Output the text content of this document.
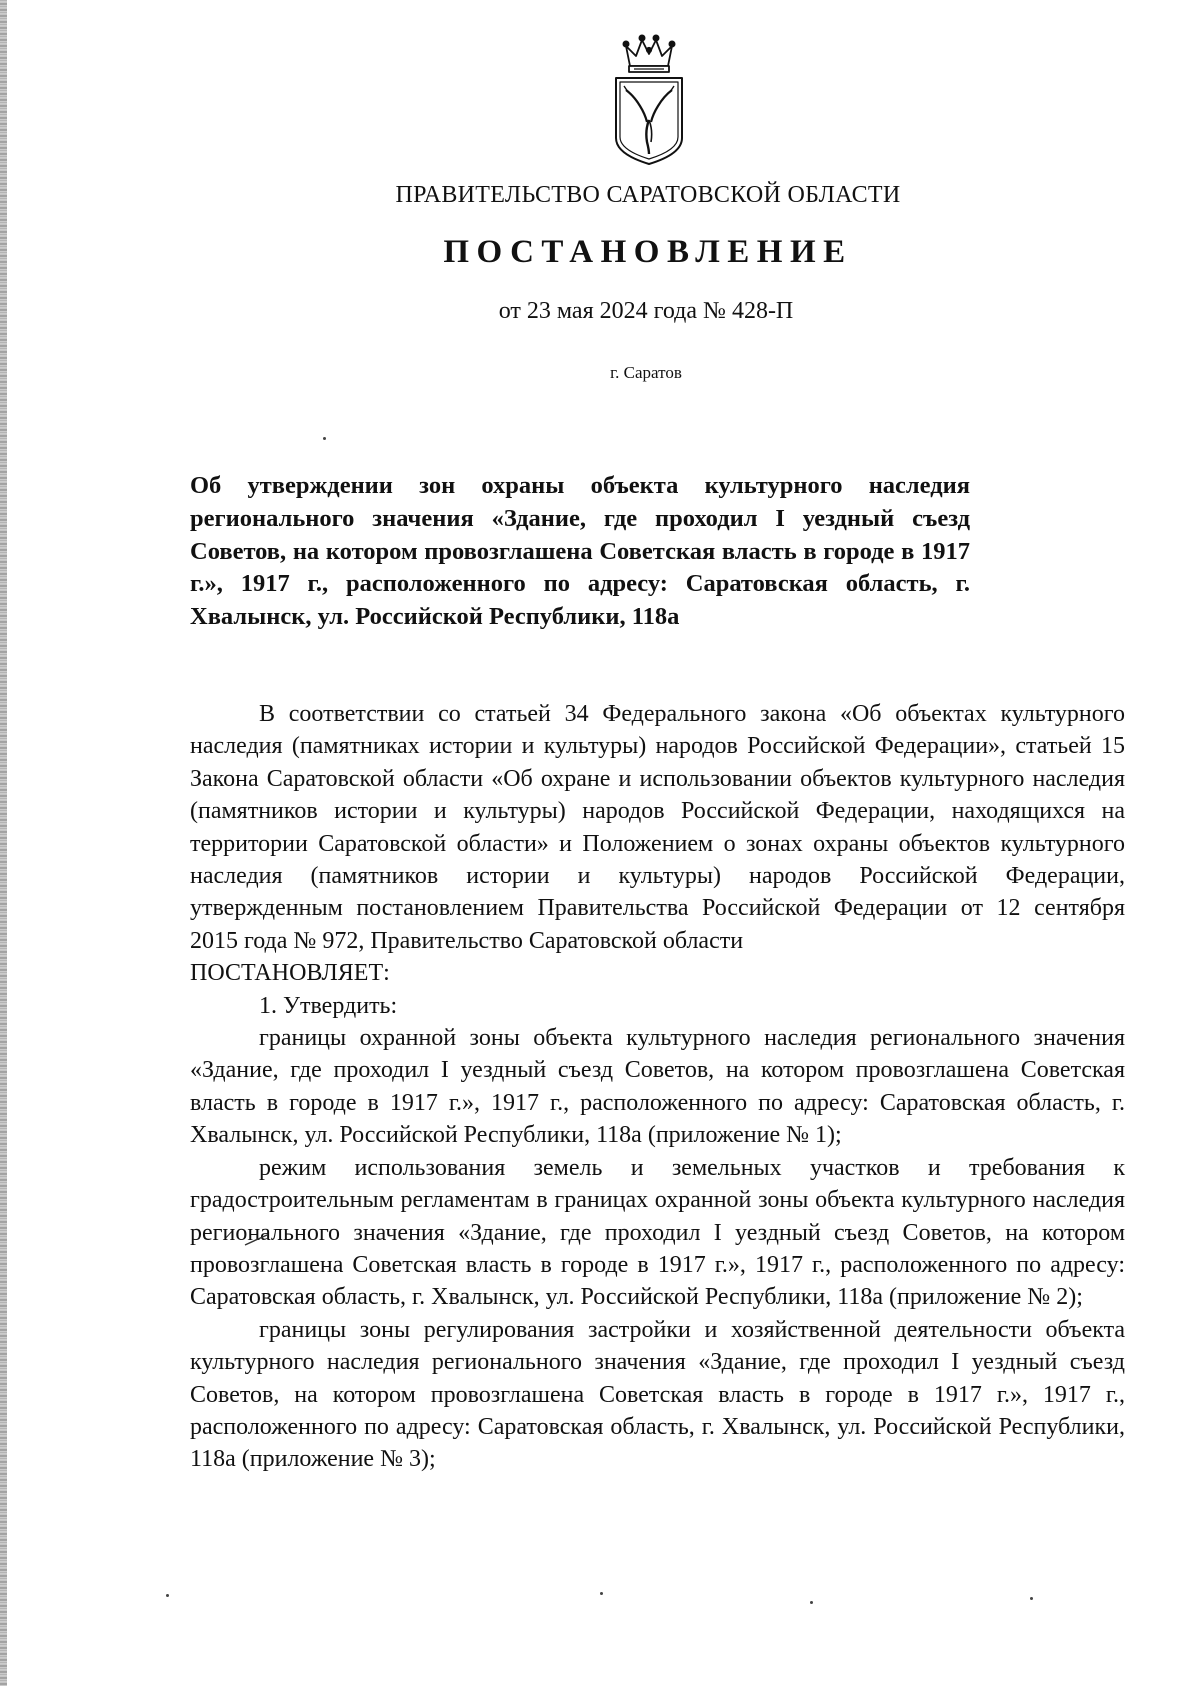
ПРАВИТЕЛЬСТВО САРАТОВСКОЙ ОБЛАСТИ
ПОСТАНОВЛЕНИЕ
от 23 мая 2024 года № 428-П
г. Саратов

Об утверждении зон охраны объекта культурного наследия регионального значения «Здание, где проходил I уездный съезд Советов, на котором провозглашена Советская власть в городе в 1917 г.», 1917 г., расположенного по адресу: Саратовская область, г. Хвалынск, ул. Российской Республики, 118а

В соответствии со статьей 34 Федерального закона «Об объектах культурного наследия (памятниках истории и культуры) народов Российской Федерации», статьей 15 Закона Саратовской области «Об охране и использовании объектов культурного наследия (памятников истории и культуры) народов Российской Федерации, находящихся на территории Саратовской области» и Положением о зонах охраны объектов культурного наследия (памятников истории и культуры) народов Российской Федерации, утвержденным постановлением Правительства Российской Федерации от 12 сентября 2015 года № 972, Правительство Саратовской области

ПОСТАНОВЛЯЕТ:

1. Утвердить:

границы охранной зоны объекта культурного наследия регионального значения «Здание, где проходил I уездный съезд Советов, на котором провозглашена Советская власть в городе в 1917 г.», 1917 г., расположенного по адресу: Саратовская область, г. Хвалынск, ул. Российской Республики, 118а (приложение № 1);

режим использования земель и земельных участков и требования к градостроительным регламентам в границах охранной зоны объекта культурного наследия регионального значения «Здание, где проходил I уездный съезд Советов, на котором провозглашена Советская власть в городе в 1917 г.», 1917 г., расположенного по адресу: Саратовская область, г. Хвалынск, ул. Российской Республики, 118а (приложение № 2);

границы зоны регулирования застройки и хозяйственной деятельности объекта культурного наследия регионального значения «Здание, где проходил I уездный съезд Советов, на котором провозглашена Советская власть в городе в 1917 г.», 1917 г., расположенного по адресу: Саратовская область, г. Хвалынск, ул. Российской Республики, 118а (приложение № 3);
